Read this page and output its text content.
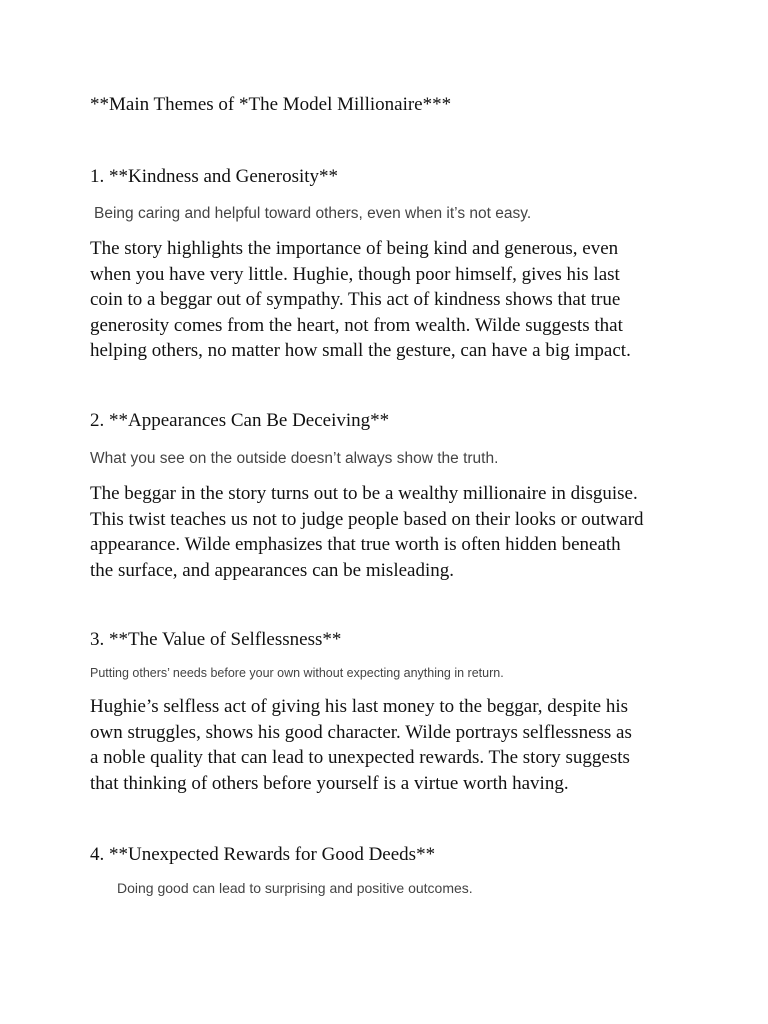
**Main Themes of *The Model Millionaire***
1. **Kindness and Generosity**
Being caring and helpful toward others, even when it’s not easy.
The story highlights the importance of being kind and generous, even
when you have very little. Hughie, though poor himself, gives his last
coin to a beggar out of sympathy. This act of kindness shows that true
generosity comes from the heart, not from wealth. Wilde suggests that
helping others, no matter how small the gesture, can have a big impact.
2. **Appearances Can Be Deceiving**
What you see on the outside doesn’t always show the truth.
The beggar in the story turns out to be a wealthy millionaire in disguise.
This twist teaches us not to judge people based on their looks or outward
appearance. Wilde emphasizes that true worth is often hidden beneath
the surface, and appearances can be misleading.
3. **The Value of Selflessness**
Putting others’ needs before your own without expecting anything in return.
Hughie’s selfless act of giving his last money to the beggar, despite his
own struggles, shows his good character. Wilde portrays selflessness as
a noble quality that can lead to unexpected rewards. The story suggests
that thinking of others before yourself is a virtue worth having.
4. **Unexpected Rewards for Good Deeds**
Doing good can lead to surprising and positive outcomes.
